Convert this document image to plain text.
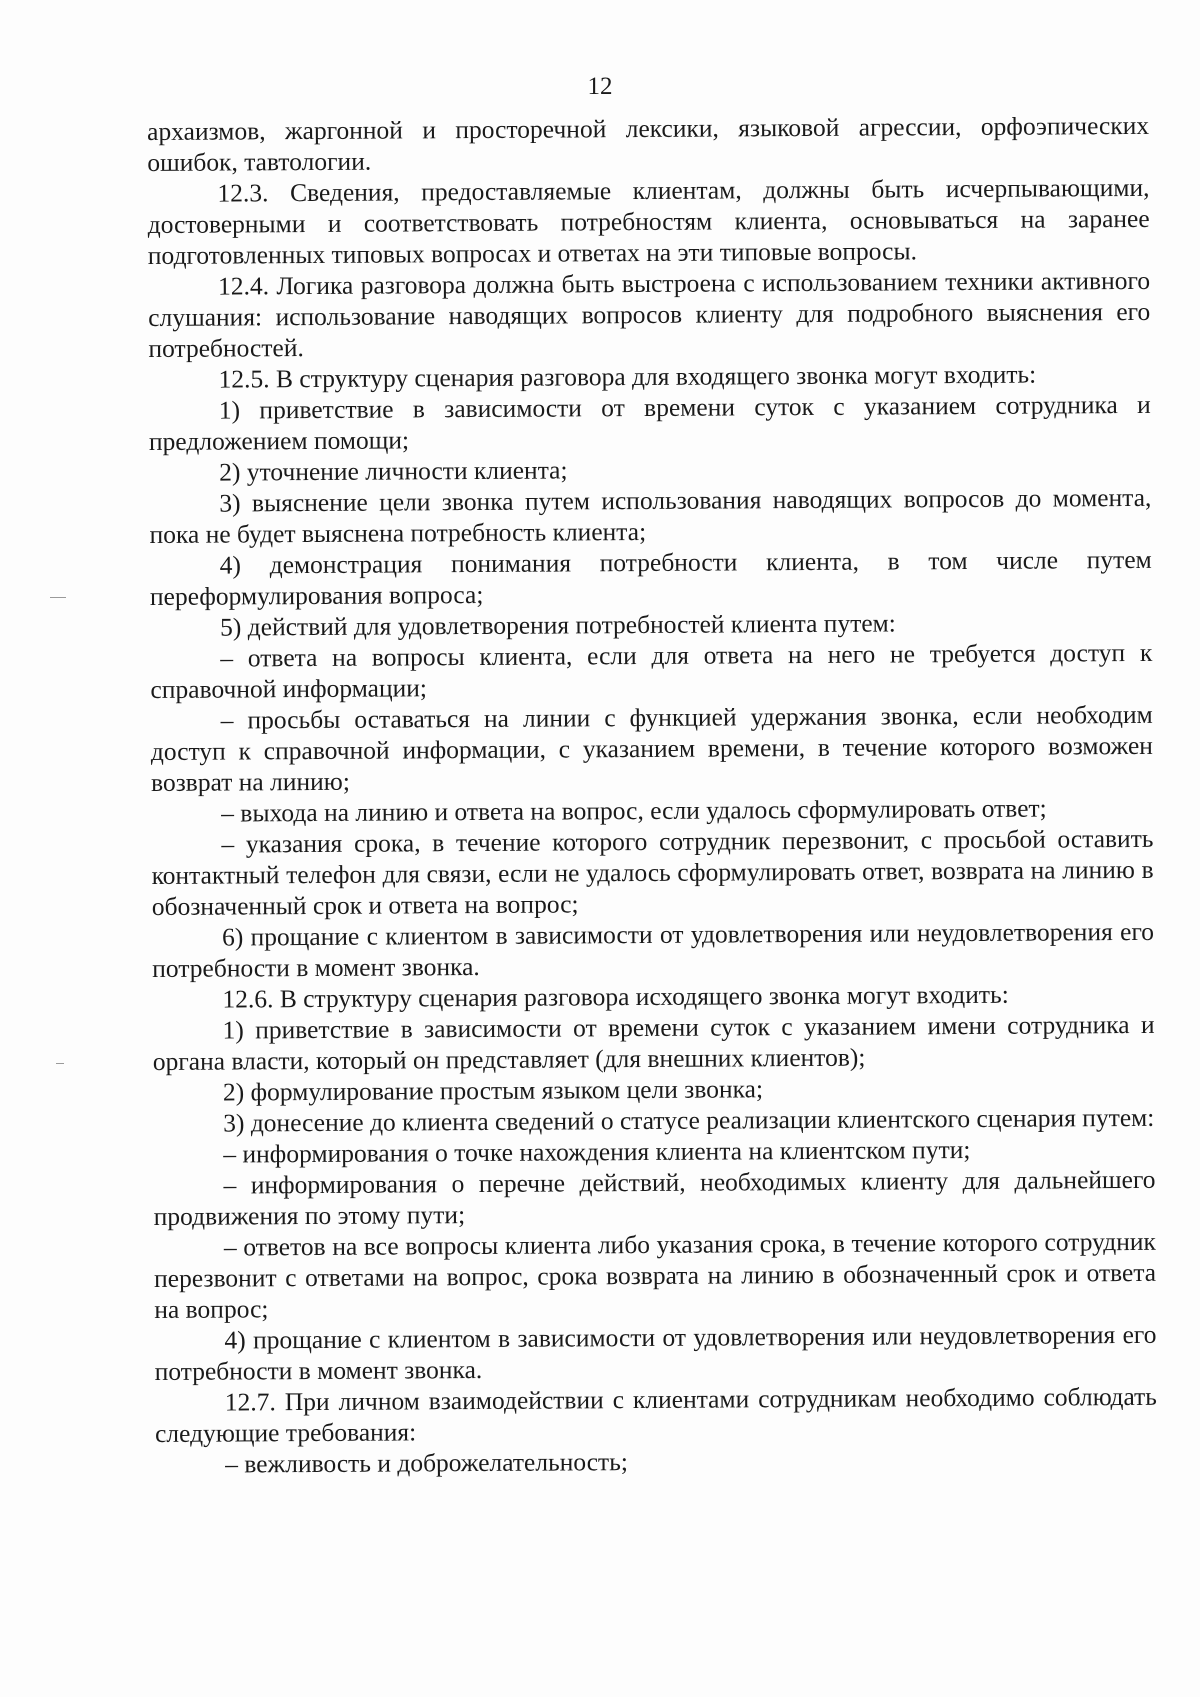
12

архаизмов, жаргонной и просторечной лексики, языковой агрессии, орфоэпических ошибок, тавтологии.

12.3. Сведения, предоставляемые клиентам, должны быть исчерпывающими, достоверными и соответствовать потребностям клиента, основываться на заранее подготовленных типовых вопросах и ответах на эти типовые вопросы.

12.4. Логика разговора должна быть выстроена с использованием техники активного слушания: использование наводящих вопросов клиенту для подробного выяснения его потребностей.

12.5. В структуру сценария разговора для входящего звонка могут входить:

1) приветствие в зависимости от времени суток с указанием сотрудника и предложением помощи;

2) уточнение личности клиента;

3) выяснение цели звонка путем использования наводящих вопросов до момента, пока не будет выяснена потребность клиента;

4) демонстрация понимания потребности клиента, в том числе путем переформулирования вопроса;

5) действий для удовлетворения потребностей клиента путем:

– ответа на вопросы клиента, если для ответа на него не требуется доступ к справочной информации;

– просьбы оставаться на линии с функцией удержания звонка, если необходим доступ к справочной информации, с указанием времени, в течение которого возможен возврат на линию;

– выхода на линию и ответа на вопрос, если удалось сформулировать ответ;

– указания срока, в течение которого сотрудник перезвонит, с просьбой оставить контактный телефон для связи, если не удалось сформулировать ответ, возврата на линию в обозначенный срок и ответа на вопрос;

6) прощание с клиентом в зависимости от удовлетворения или неудовлетворения его потребности в момент звонка.

12.6. В структуру сценария разговора исходящего звонка могут входить:

1) приветствие в зависимости от времени суток с указанием имени сотрудника и органа власти, который он представляет (для внешних клиентов);

2) формулирование простым языком цели звонка;

3) донесение до клиента сведений о статусе реализации клиентского сценария путем:

– информирования о точке нахождения клиента на клиентском пути;

– информирования о перечне действий, необходимых клиенту для дальнейшего продвижения по этому пути;

– ответов на все вопросы клиента либо указания срока, в течение которого сотрудник перезвонит с ответами на вопрос, срока возврата на линию в обозначенный срок и ответа на вопрос;

4) прощание с клиентом в зависимости от удовлетворения или неудовлетворения его потребности в момент звонка.

12.7. При личном взаимодействии с клиентами сотрудникам необходимо соблюдать следующие требования:

– вежливость и доброжелательность;
